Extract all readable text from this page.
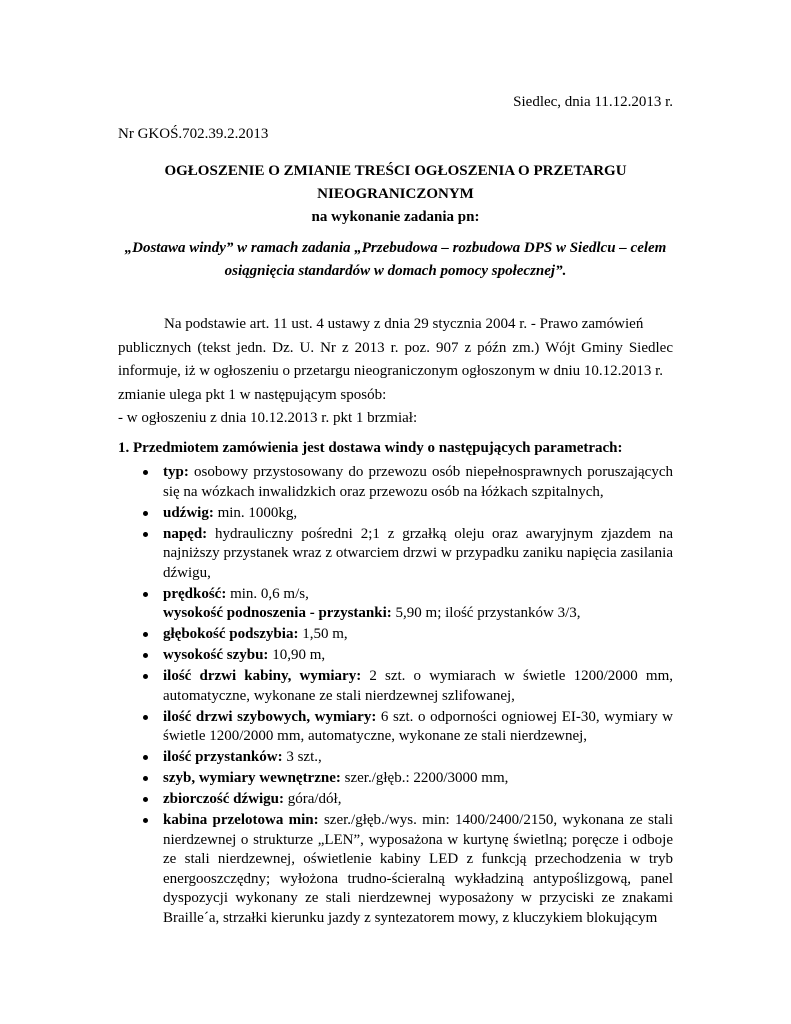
Siedlec, dnia 11.12.2013 r.
Nr GKOŚ.702.39.2.2013
OGŁOSZENIE O ZMIANIE TREŚCI OGŁOSZENIA O PRZETARGU
NIEOGRANICZONYM
na wykonanie zadania pn:
„Dostawa windy” w ramach zadania „Przebudowa – rozbudowa DPS w Siedlcu – celem
osiągnięcia standardów w domach pomocy społecznej”.
Na podstawie art. 11 ust. 4 ustawy z dnia 29 stycznia 2004 r. - Prawo zamówień
publicznych (tekst jedn. Dz. U. Nr z 2013 r. poz. 907 z późn zm.) Wójt Gminy Siedlec
informuje, iż w ogłoszeniu o przetargu nieograniczonym ogłoszonym w dniu 10.12.2013 r.
zmianie ulega pkt 1 w następującym sposób:
- w ogłoszeniu z dnia 10.12.2013 r. pkt 1 brzmiał:
1. Przedmiotem zamówienia jest dostawa windy o następujących parametrach:
typ: osobowy przystosowany do przewozu osób niepełnosprawnych poruszających się na wózkach inwalidzkich oraz przewozu osób na łóżkach szpitalnych,
udźwig: min. 1000kg,
napęd: hydrauliczny pośredni 2;1 z grzałką oleju oraz awaryjnym zjazdem na najniższy przystanek wraz z otwarciem drzwi w przypadku zaniku napięcia zasilania dźwigu,
prędkość: min. 0,6 m/s,
wysokość podnoszenia - przystanki: 5,90 m; ilość przystanków 3/3,
głębokość podszybia: 1,50 m,
wysokość szybu: 10,90 m,
ilość drzwi kabiny, wymiary: 2 szt. o wymiarach w świetle 1200/2000 mm, automatyczne, wykonane ze stali nierdzewnej szlifowanej,
ilość drzwi szybowych, wymiary: 6 szt. o odporności ogniowej EI-30, wymiary w świetle 1200/2000 mm, automatyczne, wykonane ze stali nierdzewnej,
ilość przystanków: 3 szt.,
szyb, wymiary wewnętrzne: szer./głęb.: 2200/3000 mm,
zbiorczość dźwigu: góra/dół,
kabina przelotowa min: szer./głęb./wys. min: 1400/2400/2150, wykonana ze stali nierdzewnej o strukturze „LEN”, wyposażona w kurtynę świetlną; poręcze i odboje ze stali nierdzewnej, oświetlenie kabiny LED z funkcją przechodzenia w tryb energooszczędny; wyłożona trudno-ścieralną wykładziną antypoślizgową, panel dyspozycji wykonany ze stali nierdzewnej wyposażony w przyciski ze znakami Braille´a, strzałki kierunku jazdy z syntezatorem mowy, z kluczykiem blokującym
